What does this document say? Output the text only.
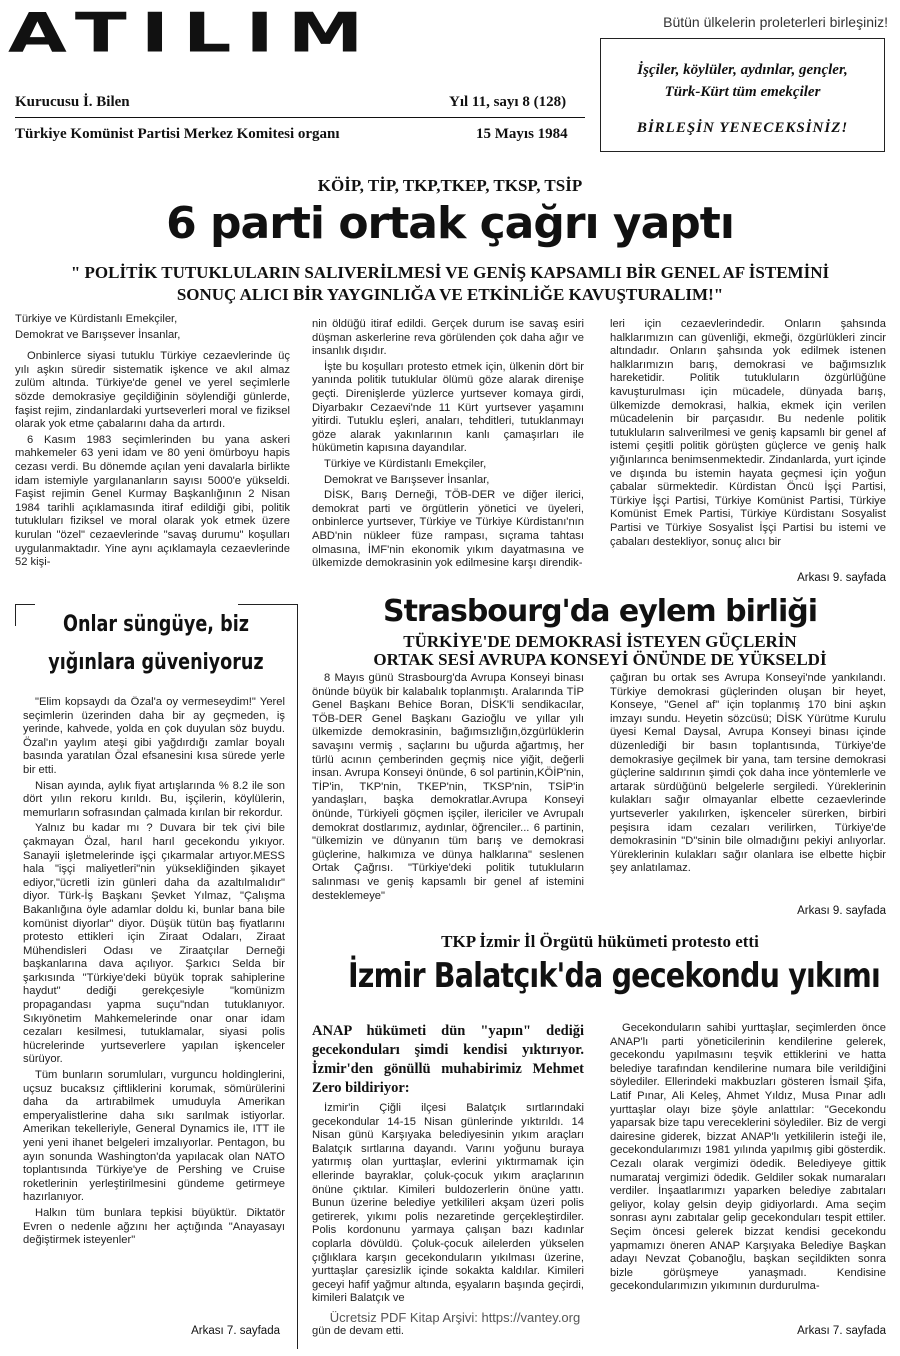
ATILIM
Kurucusu İ. Bilen	Yıl 11, sayı 8 (128)
Türkiye Komünist Partisi Merkez Komitesi organı	15 Mayıs 1984
Bütün ülkelerin proleterleri birleşiniz!
İşçiler, köylüler, aydınlar, gençler,
Türk-Kürt tüm emekçiler
BİRLEŞİN YENECEKSİNİZ!
KÖİP, TİP, TKP,TKEP, TKSP, TSİP
6 parti ortak çağrı yaptı
" POLİTİK TUTUKLULARIN SALIVERİLMESİ VE GENİŞ KAPSAMLI BİR GENEL AF İSTEMİNİ SONUÇ ALICI BİR YAYGINLIĞA VE ETKİNLİĞE KAVUŞTURALIM!"

Türkiye ve Kürdistanlı Emekçiler,

Demokrat ve Barışsever İnsanlar,

Onbinlerce siyasi tutuklu Türkiye cezaevlerinde üç yılı aşkın süredir sistematik işkence ve akıl almaz zulüm altında. Türkiye'de genel ve yerel seçimlerle sözde demokrasiye geçildiğinin söylendiği günlerde, faşist rejim, zindanlardaki yurtseverleri moral ve fiziksel olarak yok etme çabalarını daha da artırdı.

6 Kasım 1983 seçimlerinden bu yana askeri mahkemeler 63 yeni idam ve 80 yeni ömürboyu hapis cezası verdi. Bu dönemde açılan yeni davalarla birlikte idam istemiyle yargılananların sayısı 5000'e yükseldi. Faşist rejimin Genel Kurmay Başkanlığının 2 Nisan 1984 tarihli açıklamasında itiraf edildiği gibi, politik tutukluları fiziksel ve moral olarak yok etmek üzere kurulan "özel" cezaevlerinde "savaş durumu" koşulları uygulanmaktadır. Yine aynı açıklamayla cezaevlerinde 52 kişi-

nin öldüğü itiraf edildi. Gerçek durum ise savaş esiri düşman askerlerine reva görülenden çok daha ağır ve insanlık dışıdır.

İşte bu koşulları protesto etmek için, ülkenin dört bir yanında politik tutuklular ölümü göze alarak direnişe geçti. Direnişlerde yüzlerce yurtsever komaya girdi, Diyarbakır Cezaevi'nde 11 Kürt yurtsever yaşamını yitirdi. Tutuklu eşleri, anaları, tehditleri, tutuklanmayı göze alarak yakınlarının kanlı çamaşırları ile hükümetin kapısına dayandılar.

Türkiye ve Kürdistanlı Emekçiler,

Demokrat ve Barışsever İnsanlar,

DİSK, Barış Derneği, TÖB-DER ve diğer ilerici, demokrat parti ve örgütlerin yönetici ve üyeleri, onbinlerce yurtsever, Türkiye ve Türkiye Kürdistanı'nın ABD'nin nükleer füze rampası, sıçrama tahtası olmasına, İMF'nin ekonomik yıkım dayatmasına ve ülkemizde demokrasinin yok edilmesine karşı direndik-

leri için cezaevlerindedir. Onların şahsında halklarımızın can güvenliği, ekmeği, özgürlükleri zincir altındadır. Onların şahsında yok edilmek istenen halklarımızın barış, demokrasi ve bağımsızlık hareketidir. Politik tutukluların özgürlüğüne kavuşturulması için mücadele, dünyada barış, ülkemizde demokrasi, halkia, ekmek için verilen mücadelenin bir parçasıdır. Bu nedenle politik tutukluların salıverilmesi ve geniş kapsamlı bir genel af istemi çeşitli politik görüşten güçlerce ve geniş halk yığınlarınca benimsenmektedir. Zindanlarda, yurt içinde ve dışında bu istemin hayata geçmesi için yoğun çabalar sürmektedir. Kürdistan Öncü İşçi Partisi, Türkiye İşçi Partisi, Türkiye Komünist Partisi, Türkiye Komünist Emek Partisi, Türkiye Kürdistanı Sosyalist Partisi ve Türkiye Sosyalist İşçi Partisi bu istemi ve çabaları destekliyor, sonuç alıcı bir

Arkası 9. sayfada
Onlar süngüye, biz
yığınlara güveniyoruz

"Elim kopsaydı da Özal'a oy vermeseydim!" Yerel seçimlerin üzerinden daha bir ay geçmeden, iş yerinde, kahvede, yolda en çok duyulan söz buydu. Özal'ın yaylım ateşi gibi yağdırdığı zamlar boyalı basında yaratılan Özal efsanesini kısa sürede yerle bir etti.

Nisan ayında, aylık fiyat artışlarında % 8.2 ile son dört yılın rekoru kırıldı. Bu, işçilerin, köylülerin, memurların sofrasından çalmada kırılan bir rekordur.

Yalnız bu kadar mı ? Duvara bir tek çivi bile çakmayan Özal, harıl harıl gecekondu yıkıyor. Sanayii işletmelerinde işçi çıkarmalar artıyor.MESS hala "işçi maliyetleri"nin yüksekliğinden şikayet ediyor,"ücretli izin günleri daha da azaltılmalıdır" diyor. Türk-İş Başkanı Şevket Yılmaz, "Çalışma Bakanlığına öyle adamlar doldu ki, bunlar bana bile komünist diyorlar" diyor. Düşük tütün baş fiyatlarını protesto ettikleri için Ziraat Odaları, Ziraat Mühendisleri Odası ve Ziraatçılar Derneği başkanlarına dava açılıyor. Şarkıcı Selda bir şarkısında "Türkiye'deki büyük toprak sahiplerine haydut" dediği gerekçesiyle "komünizm propagandası yapma suçu"ndan tutuklanıyor. Sıkıyönetim Mahkemelerinde onar onar idam cezaları kesilmesi, tutuklamalar, siyasi polis hücrelerinde yurtseverlere yapılan işkenceler sürüyor.

Tüm bunların sorumluları, vurguncu holdinglerini, uçsuz bucaksız çiftliklerini korumak, sömürülerini daha da artırabilmek umuduyla Amerikan emperyalistlerine daha sıkı sarılmak istiyorlar. Amerikan tekelleriyle, General Dynamics ile, ITT ile yeni yeni ihanet belgeleri imzalıyorlar. Pentagon, bu ayın sonunda Washington'da yapılacak olan NATO toplantısında Türkiye'ye de Pershing ve Cruise roketlerinin yerleştirilmesini gündeme getirmeye hazırlanıyor.

Halkın tüm bunlara tepkisi büyüktür. Diktatör Evren o nedenle ağzını her açtığında "Anayasayı değiştirmek isteyenler"

Arkası 7. sayfada
Strasbourg'da eylem birliği
TÜRKİYE'DE DEMOKRASİ İSTEYEN GÜÇLERİN
ORTAK SESİ AVRUPA KONSEYİ ÖNÜNDE DE YÜKSELDİ

8 Mayıs günü Strasbourg'da Avrupa Konseyi binası önünde büyük bir kalabalık toplanmıştı. Aralarında TİP Genel Başkanı Behice Boran, DİSK'li sendikacılar, TÖB-DER Genel Başkanı Gazioğlu ve yıllar yılı ülkemizde demokrasinin, bağımsızlığın,özgürlüklerin savaşını vermiş , saçlarını bu uğurda ağartmış, her türlü acının çemberinden geçmiş nice yiğit, değerli insan. Avrupa Konseyi önünde, 6 sol partinin,KÖİP'nin, TİP'in, TKP'nin, TKEP'nin, TKSP'nin, TSİP'in yandaşları, başka demokratlar.Avrupa Konseyi önünde, Türkiyeli göçmen işçiler, ilericiler ve Avrupalı demokrat dostlarımız, aydınlar, öğrenciler... 6 partinin, "ülkemizin ve dünyanın tüm barış ve demokrasi güçlerine, halkımıza ve dünya halklarına" seslenen Ortak Çağrısı. "Türkiye'deki politik tutukluların salınması ve geniş kapsamlı bir genel af istemini desteklemeye"

çağıran bu ortak ses Avrupa Konseyi'nde yankılandı. Türkiye demokrasi güçlerinden oluşan bir heyet, Konseye, "Genel af" için toplanmış 170 bini aşkın imzayı sundu. Heyetin sözcüsü; DİSK Yürütme Kurulu üyesi Kemal Daysal, Avrupa Konseyi binası içinde düzenlediği bir basın toplantısında, Türkiye'de demokrasiye geçilmek bir yana, tam tersine demokrasi güçlerine saldırının şimdi çok daha ince yöntemlerle ve artarak sürdüğünü belgelerle sergiledi. Yüreklerinin kulakları sağır olmayanlar elbette cezaevlerinde yurtseverler yakılırken, işkenceler sürerken, birbiri peşisıra idam cezaları verilirken, Türkiye'de demokrasinin "D"sinin bile olmadığını pekiyi anlıyorlar. Yüreklerinin kulakları sağır olanlara ise elbette hiçbir şey anlatılamaz.

Arkası 9. sayfada
TKP İzmir İl Örgütü hükümeti protesto etti
İzmir Balatçık'da gecekondu yıkımı
ANAP hükümeti dün "yapın" dediği gecekonduları şimdi kendisi yıktırıyor. İzmir'den gönüllü muhabirimiz Mehmet Zero bildiriyor:

İzmir'in Çiğli ilçesi Balatçık sırtlarındaki gecekondular 14-15 Nisan günlerinde yıktırıldı. 14 Nisan günü Karşıyaka belediyesinin yıkım araçları Balatçık sırtlarına dayandı. Varını yoğunu buraya yatırmış olan yurttaşlar, evlerini yıktırmamak için ellerinde bayraklar, çoluk-çocuk yıkım araçlarının önüne çıktılar. Kimileri buldozerlerin önüne yattı. Bunun üzerine belediye yetkilileri akşam üzeri polis getirerek, yıkımı polis nezaretinde gerçekleştirdiler. Polis kordonunu yarmaya çalışan bazı kadınlar coplarla dövüldü. Çoluk-çocuk ailelerden yükselen çığlıklara karşın gecekonduların yıkılması üzerine, yurttaşlar çaresizlik içinde sokakta kaldılar. Kimileri geceyi hafif yağmur altında, eşyaların başında geçirdi, kimileri Balatçık ve

gün de devam etti.

Gecekonduların sahibi yurttaşlar, seçimlerden önce ANAP'lı parti yöneticilerinin kendilerine gelerek, gecekondu yapılmasını teşvik ettiklerini ve hatta belediye tarafından kendilerine numara bile verildiğini söylediler. Ellerindeki makbuzları gösteren İsmail Şifa, Latif Pınar, Ali Keleş, Ahmet Yıldız, Musa Pınar adlı yurttaşlar olayı bize şöyle anlattılar: "Gecekondu yaparsak bize tapu vereceklerini söylediler. Biz de vergi dairesine giderek, bizzat ANAP'lı yetkililerin isteği ile, gecekondularımızı 1981 yılında yapılmış gibi gösterdik. Cezalı olarak vergimizi ödedik. Belediyeye gittik numarataj vergimizi ödedik. Geldiler sokak numaraları verdiler. İnşaatlarımızı yaparken belediye zabıtaları geliyor, kolay gelsin deyip gidiyorlardı. Ama seçim sonrası aynı zabıtalar gelip gecekonduları tespit ettiler. Seçim öncesi gelerek bizzat kendisi gecekondu yapmamızı öneren ANAP Karşıyaka Belediye Başkan adayı Nevzat Çobanoğlu, başkan seçildikten sonra bizle görüşmeye yanaşmadı. Kendisine gecekondularımızın yıkımının durdurulma-

Arkası 7. sayfada
Ücretsiz PDF Kitap Arşivi: https://vantey.org
